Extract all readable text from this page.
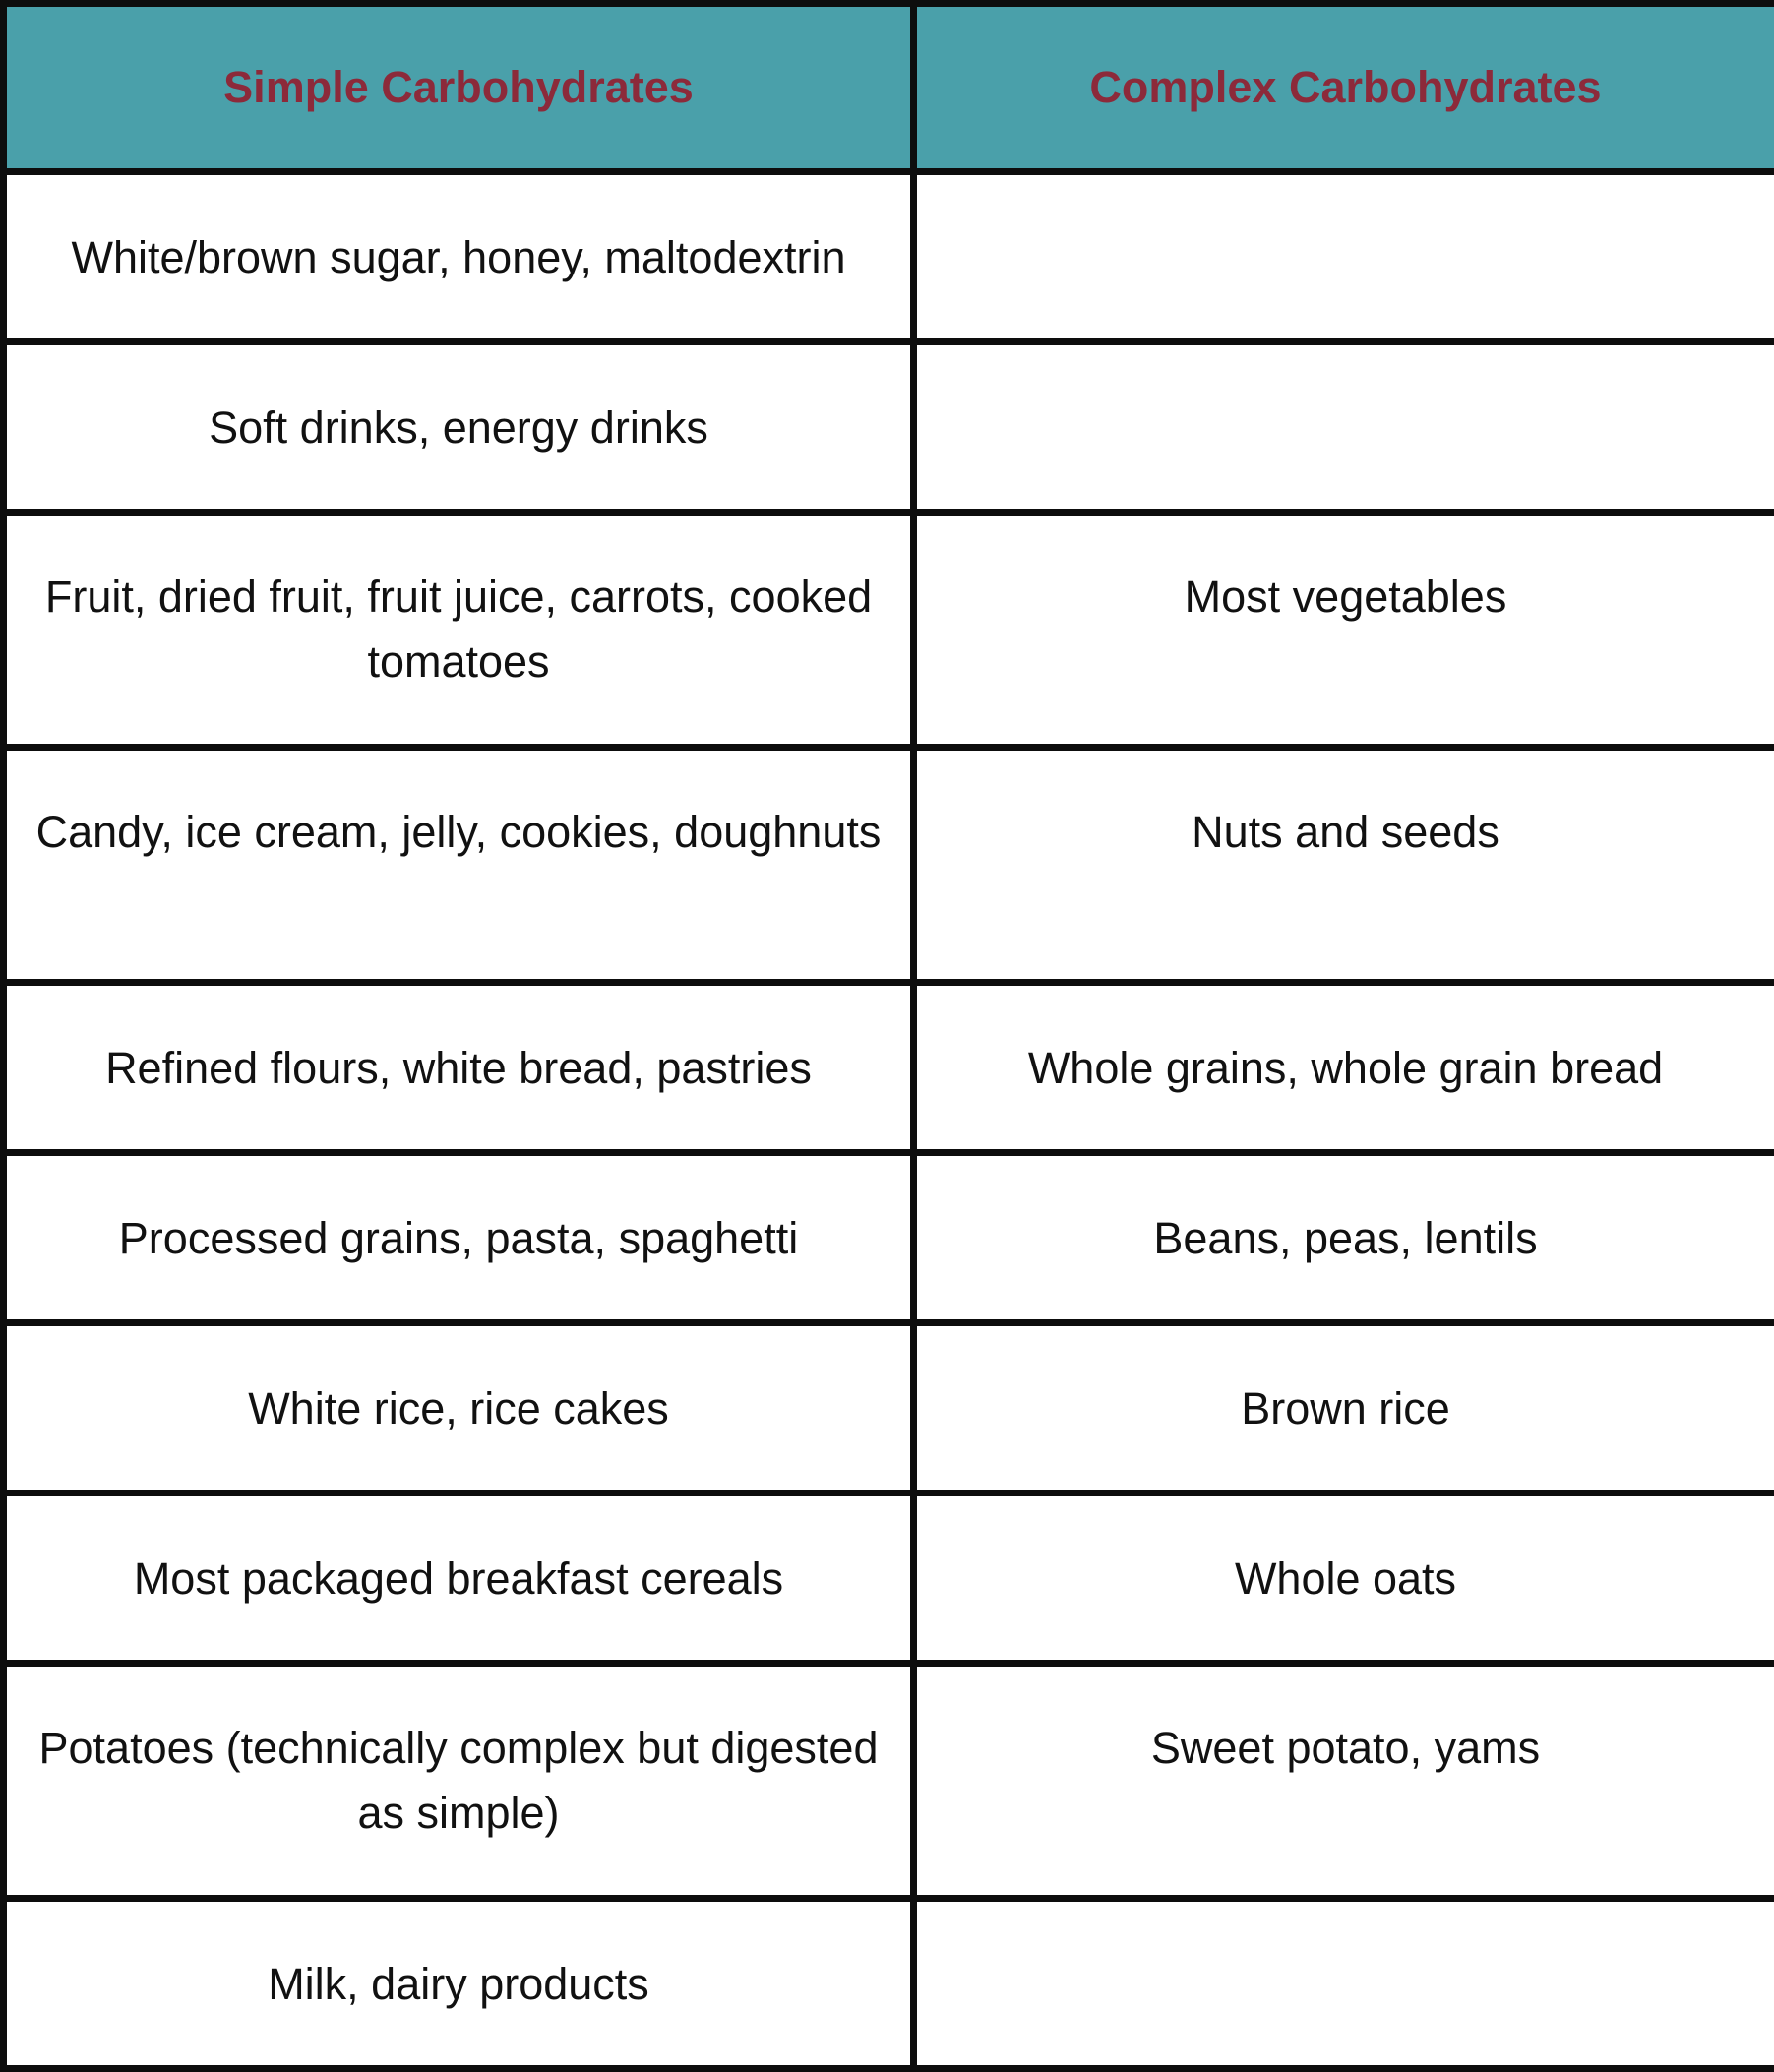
Simple Carbohydrates	Complex Carbohydrates
White/brown sugar, honey, maltodextrin	
Soft drinks, energy drinks	
Fruit, dried fruit, fruit juice, carrots, cooked tomatoes	Most vegetables
Candy, ice cream, jelly, cookies, doughnuts	Nuts and seeds
Refined flours, white bread, pastries	Whole grains, whole grain bread
Processed grains, pasta, spaghetti	Beans, peas, lentils
White rice, rice cakes	Brown rice
Most packaged breakfast cereals	Whole oats
Potatoes (technically complex but digested as simple)	Sweet potato, yams
Milk, dairy products	
